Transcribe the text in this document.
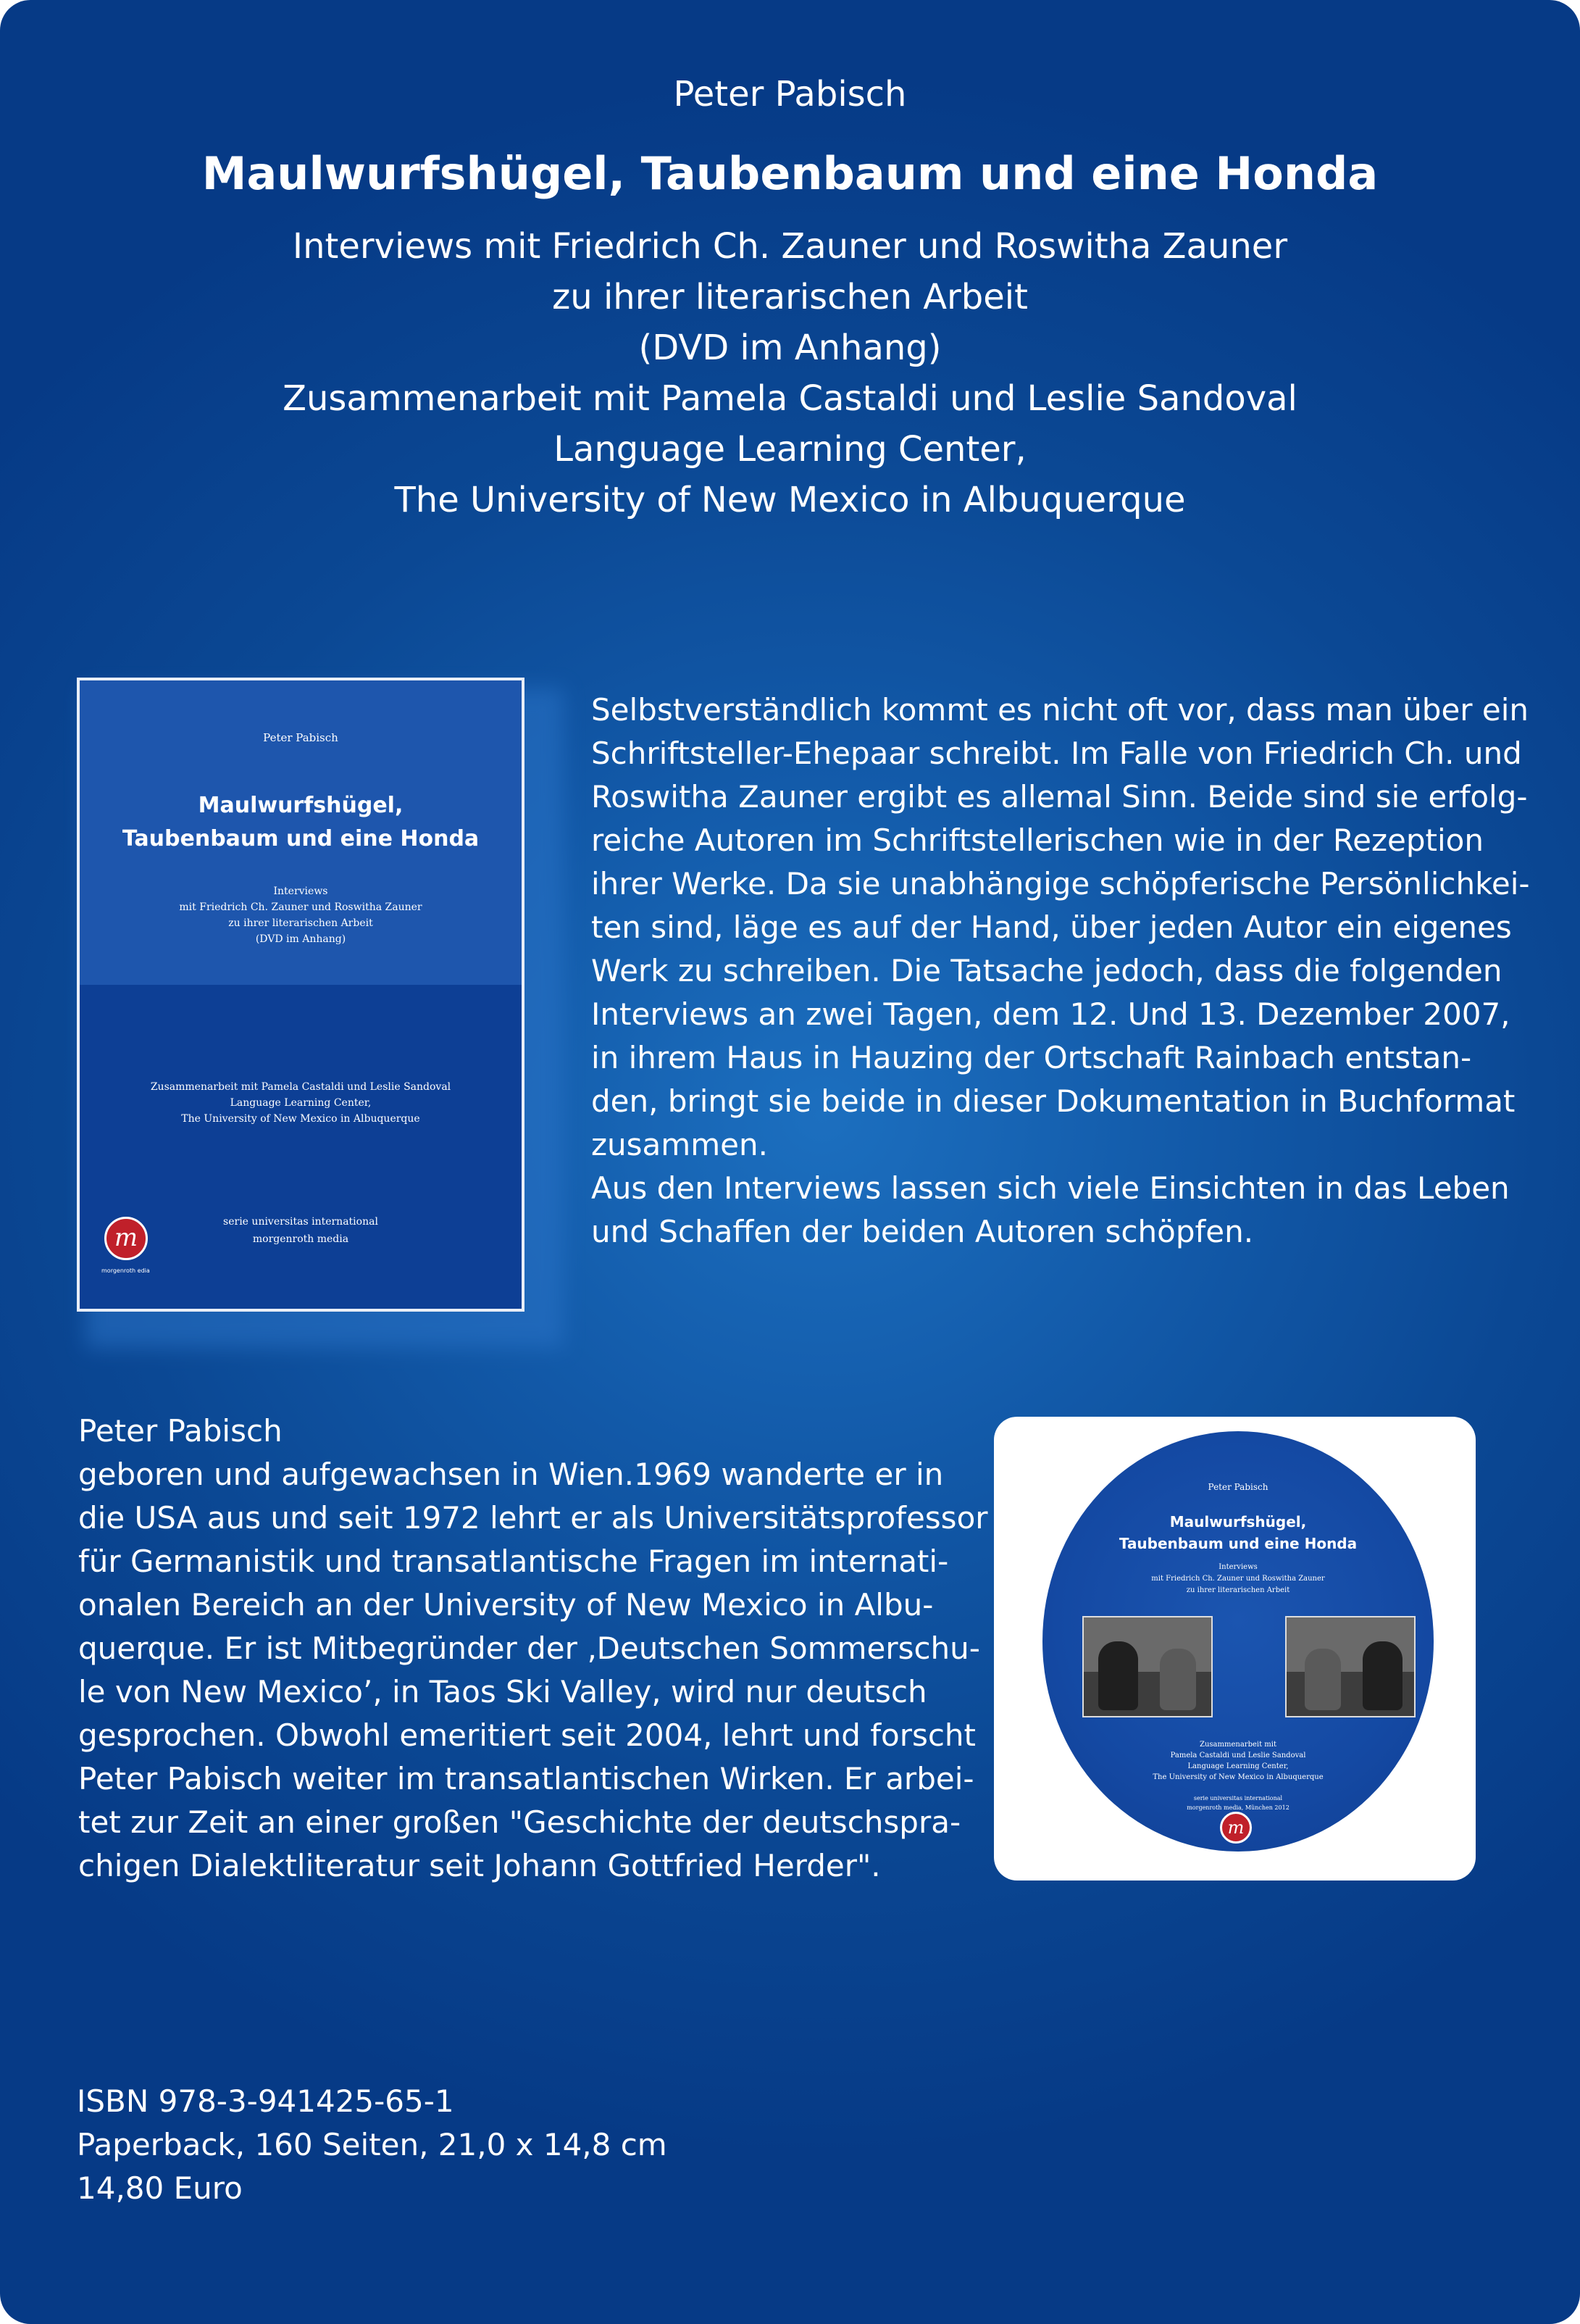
Peter Pabisch
Maulwurfshügel, Taubenbaum und eine Honda
Interviews mit Friedrich Ch. Zauner und Roswitha Zauner
zu ihrer literarischen Arbeit
(DVD im Anhang)
Zusammenarbeit mit Pamela Castaldi und Leslie Sandoval
Language Learning Center,
The University of New Mexico in Albuquerque
Peter Pabisch
Maulwurfshügel,
Taubenbaum und eine Honda
Interviews
mit Friedrich Ch. Zauner und Roswitha Zauner
zu ihrer literarischen Arbeit
(DVD im Anhang)
Zusammenarbeit mit Pamela Castaldi und Leslie Sandoval
Language Learning Center,
The University of New Mexico in Albuquerque
serie universitas international
morgenroth media
m
morgenroth edia
Selbstverständlich kommt es nicht oft vor, dass man über ein
Schriftsteller-Ehepaar schreibt. Im Falle von Friedrich Ch. und
Roswitha Zauner ergibt es allemal Sinn. Beide sind sie erfolg-
reiche Autoren im Schriftstellerischen wie in der Rezeption
ihrer Werke. Da sie unabhängige schöpferische Persönlichkei-
ten sind, läge es auf der Hand, über jeden Autor ein eigenes
Werk zu schreiben. Die Tatsache jedoch, dass die folgenden
Interviews an zwei Tagen, dem 12. Und 13. Dezember 2007,
in ihrem Haus in Hauzing der Ortschaft Rainbach entstan-
den, bringt sie beide in dieser Dokumentation in Buchformat
zusammen.
Aus den Interviews lassen sich viele Einsichten in das Leben
und Schaffen der beiden Autoren schöpfen.
Peter Pabisch
geboren und aufgewachsen in Wien.1969 wanderte er in
die USA aus und seit 1972 lehrt er als Universitätsprofessor
für Germanistik und transatlantische Fragen im internati-
onalen Bereich an der University of New Mexico in Albu-
querque. Er ist Mitbegründer der ‚Deutschen Sommerschu-
le von New Mexico’, in Taos Ski Valley, wird nur deutsch
gesprochen. Obwohl emeritiert seit 2004, lehrt und forscht
Peter Pabisch weiter im transatlantischen Wirken. Er arbei-
tet zur Zeit an einer großen "Geschichte der deutschspra-
chigen Dialektliteratur seit Johann Gottfried Herder".
Peter Pabisch
Maulwurfshügel,
Taubenbaum und eine Honda
Interviews
mit Friedrich Ch. Zauner und Roswitha Zauner
zu ihrer literarischen Arbeit
Zusammenarbeit mit
Pamela Castaldi und Leslie Sandoval
Language Learning Center,
The University of New Mexico in Albuquerque
serie universitas international
morgenroth media, München 2012
m
ISBN 978-3-941425-65-1
Paperback, 160 Seiten, 21,0 x 14,8 cm
14,80 Euro
